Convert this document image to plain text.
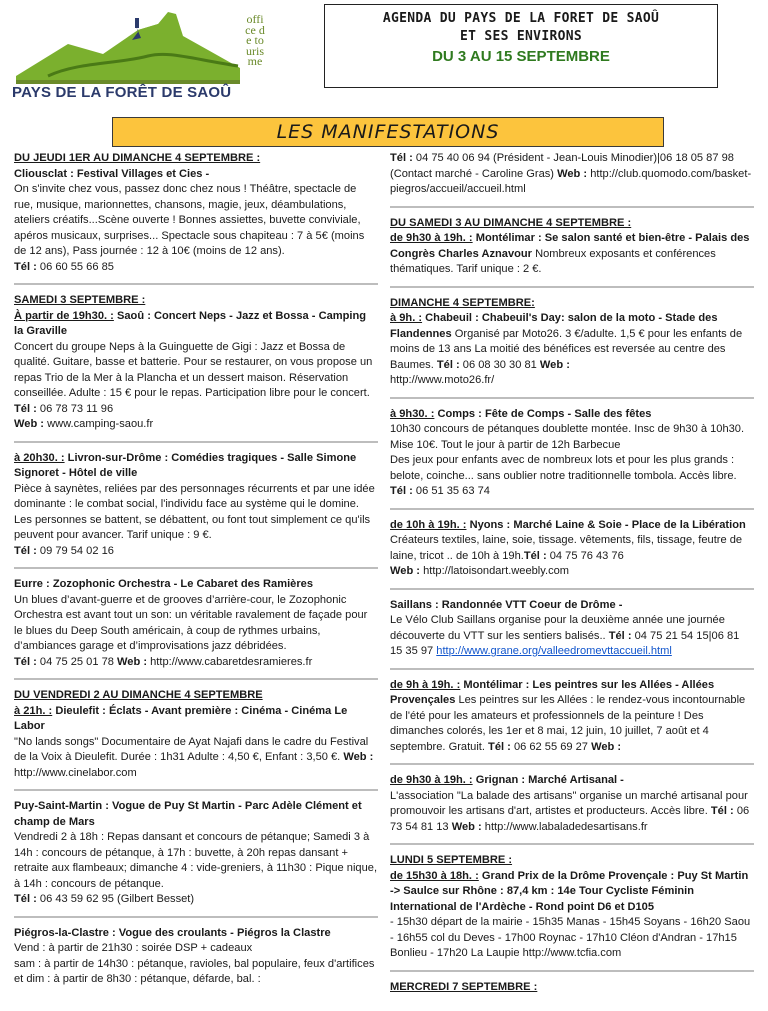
PAYS DE LA FORÊT DE SAOÛ
office de tourisme
AGENDA DU PAYS DE LA FORET DE SAOÛ
ET SES ENVIRONS
DU 3 AU 15 SEPTEMBRE
LES MANIFESTATIONS

DU JEUDI 1ER AU DIMANCHE 4 SEPTEMBRE :

Cliousclat : Festival Villages et Cies -

On s'invite chez vous, passez donc chez nous ! Théâtre, spectacle de rue, musique, marionnettes, chansons, magie, jeux, déambulations, ateliers créatifs...Scène ouverte ! Bonnes assiettes, buvette conviviale, apéros musicaux, surprises... Spectacle sous chapiteau : 7 à 5€ (moins de 12 ans), Pass journée : 12 à 10€ (moins de 12 ans).

Tél : 06 60 55 66 85

SAMEDI 3 SEPTEMBRE :

À partir de 19h30. : Saoû : Concert Neps - Jazz et Bossa - Camping la Graville

Concert du groupe Neps à la Guinguette de Gigi : Jazz et Bossa de qualité. Guitare, basse et batterie. Pour se restaurer, on vous propose un repas Trio de la Mer à la Plancha et un dessert maison. Réservation conseillée. Adulte : 15 € pour le repas. Participation libre pour le concert.

Tél : 06 78 73 11 96

Web : www.camping-saou.fr

à 20h30. : Livron-sur-Drôme : Comédies tragiques - Salle Simone Signoret - Hôtel de ville

Pièce à saynètes, reliées par des personnages récurrents et par une idée dominante : le combat social, l'individu face au système qui le domine. Les personnes se battent, se débattent, ou font tout simplement ce qu'ils peuvent pour avancer. Tarif unique : 9 €.

Tél : 09 79 54 02 16

Eurre : Zozophonic Orchestra - Le Cabaret des Ramières

Un blues d’avant-guerre et de grooves d’arrière-cour, le Zozophonic Orchestra est avant tout un son: un véritable ravalement de façade pour le blues du Deep South américain, à coup de rythmes urbains, d’ambiances garage et d’improvisations jazz débridées.

Tél : 04 75 25 01 78 Web : http://www.cabaretdesramieres.fr

DU VENDREDI 2 AU DIMANCHE 4 SEPTEMBRE

à 21h. : Dieulefit : Éclats - Avant première : Cinéma - Cinéma Le Labor

"No lands songs" Documentaire de Ayat Najafi dans le cadre du Festival de la Voix à Dieulefit. Durée : 1h31 Adulte : 4,50 €, Enfant : 3,50 €. Web : http://www.cinelabor.com

Puy-Saint-Martin : Vogue de Puy St Martin - Parc Adèle Clément et champ de Mars

Vendredi 2 à 18h : Repas dansant et concours de pétanque; Samedi 3 à 14h : concours de pétanque, à 17h : buvette, à 20h repas dansant + retraite aux flambeaux; dimanche 4 : vide-greniers, à 11h30 : Pique nique, à 14h : concours de pétanque.

Tél : 06 43 59 62 95 (Gilbert Besset)

Piégros-la-Clastre : Vogue des croulants - Piégros la Clastre

Vend : à partir de 21h30 : soirée DSP + cadeaux
sam : à partir de 14h30 : pétanque, ravioles, bal populaire, feux d'artifices et dim : à partir de 8h30 : pétanque, défarde, bal. :

Tél : 04 75 40 06 94 (Président - Jean-Louis Minodier)|06 18 05 87 98 (Contact marché - Caroline Gras) Web : http://club.quomodo.com/basket-piegros/accueil/accueil.html

DU SAMEDI 3 AU DIMANCHE 4 SEPTEMBRE :

de 9h30 à 19h. : Montélimar : Se salon santé et bien-être - Palais des Congrès Charles Aznavour Nombreux exposants et conférences thématiques. Tarif unique : 2 €.

DIMANCHE 4 SEPTEMBRE:

à 9h. : Chabeuil : Chabeuil's Day: salon de la moto - Stade des Flandennes Organisé par Moto26. 3 €/adulte. 1,5 € pour les enfants de moins de 13 ans La moitié des bénéfices est reversée au centre des Baumes. Tél : 06 08 30 30 81 Web :

http://www.moto26.fr/

à 9h30. : Comps : Fête de Comps - Salle des fêtes

10h30 concours de pétanques doublette montée. Insc de 9h30 à 10h30. Mise 10€. Tout le jour à partir de 12h Barbecue
Des jeux pour enfants avec de nombreux lots et pour les plus grands : belote, coinche... sans oublier notre traditionnelle tombola. Accès libre. Tél : 06 51 35 63 74

de 10h à 19h. : Nyons : Marché Laine & Soie - Place de la Libération Créateurs textiles, laine, soie, tissage. vêtements, fils, tissage, feutre de laine, tricot .. de 10h à 19h.Tél : 04 75 76 43 76

Web : http://latoisondart.weebly.com

Saillans : Randonnée VTT Coeur de Drôme -

Le Vélo Club Saillans organise pour la deuxième année une journée découverte du VTT sur les sentiers balisés.. Tél : 04 75 21 54 15|06 81 15 35 97 http://www.grane.org/valleedromevttaccueil.html

de 9h à 19h. : Montélimar : Les peintres sur les Allées - Allées Provençales Les peintres sur les Allées : le rendez-vous incontournable de l'été pour les amateurs et professionnels de la peinture ! Des dimanches colorés, les 1er et 8 mai, 12 juin, 10 juillet, 7 août et 4 septembre. Gratuit. Tél : 06 62 55 69 27 Web :

de 9h30 à 19h. : Grignan : Marché Artisanal -

L'association "La balade des artisans" organise un marché artisanal pour promouvoir les artisans d'art, artistes et producteurs. Accès libre. Tél : 06 73 54 81 13 Web : http://www.labaladedesartisans.fr

LUNDI 5 SEPTEMBRE :

de 15h30 à 18h. : Grand Prix de la Drôme Provençale : Puy St Martin -> Saulce sur Rhône : 87,4 km : 14e Tour Cycliste Féminin International de l'Ardèche - Rond point D6 et D105

- 15h30 départ de la mairie - 15h35 Manas - 15h45 Soyans - 16h20 Saou - 16h55 col du Deves - 17h00 Roynac - 17h10 Cléon d'Andran - 17h15 Bonlieu - 17h20 La Laupie http://www.tcfia.com

MERCREDI 7 SEPTEMBRE :
